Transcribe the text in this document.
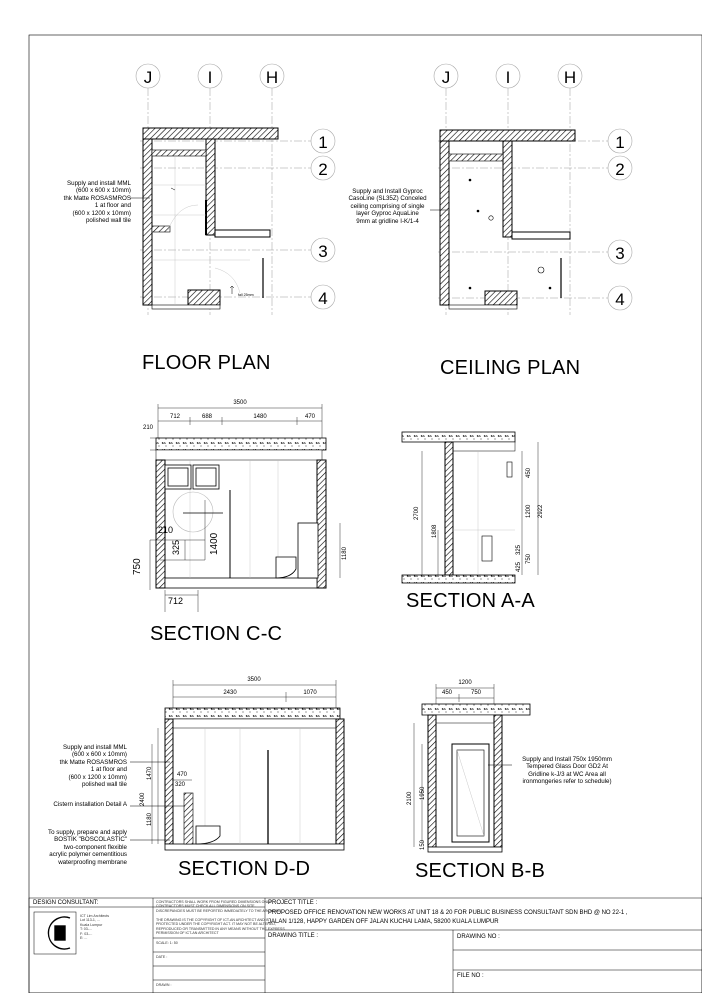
J	I	H
1
2
3
4
fall 25mm
J	I	H
1
2
3
4
3500
712	688	1480	470
210
210
325	1400
750
712
1180
2700
1808
450
1200 2922
325
750
425
3500
2430	1070
1470
2400
1180
470
320
1200
450	750
2100 1950
150
FLOOR PLAN	CEILING PLAN
SECTION C-C
SECTION A-A
SECTION D-D	SECTION B-B
Supply and install MML
(600 x 600 x 10mm)
thk Matte ROSASMROS
1 at floor and
(600 x 1200 x 10mm)
polished wall tile
Supply and Install Gyproc
CasoLine (SL35Z) Conceled
ceiling comprising of single
layer Gyproc AquaLine
9mm at gridline I-K/1-4
Supply and install MML
(600 x 600 x 10mm)
thk Matte ROSASMROS
1 at floor and
(600 x 1200 x 10mm)
polished wall tile
Cistern installation Detail A
To supply, prepare and apply
BOSTIK "BOSCOLASTIC"
two-component flexible
acrylic polymer cementitious
waterproofing membrane
Supply and Install 750x 1950mm
Tempered Glass Door GD2 At
Gridline k-J/3 at WC Area all
ironmongeries refer to schedule)
DESIGN CONSULTANT:
ICT Lim Architects
Lot 113-1, ...
Kuala Lumpur
T: 03-...
F: 03-...
E: ...
CONTRACTORS SHALL WORK FROM FIGURED DIMENSIONS ONLY.
CONTRACTORS MUST CHECK ALL DIMENSIONS ON SITE.
DISCREPANCIES MUST BE REPORTED IMMEDIATELY TO THE ARCHITECT
THE DRAWING IS THE COPYRIGHT OF ICT-AN ARCHITECT AND IS
PROTECTED UNDER THE COPYRIGHT ACT. IT MAY NOT BE ALTERED,
REPRODUCED OR TRANSMITTED IN ANY MEANS WITHOUT THE EXPRESS
PERMISSION OF ICT-AN ARCHITECT
SCALE: 1: 50
DATE :
DRAWN :
PROJECT TITLE :
PROPOSED OFFICE RENOVATION NEW WORKS AT UNIT 18 & 20 FOR PUBLIC BUSINESS CONSULTANT SDN BHD @ NO 22-1 ,
JALAN 1/128, HAPPY GARDEN OFF JALAN KUCHAI LAMA, 58200 KUALA LUMPUR
DRAWING TITLE :	DRAWING NO :
FILE NO :
